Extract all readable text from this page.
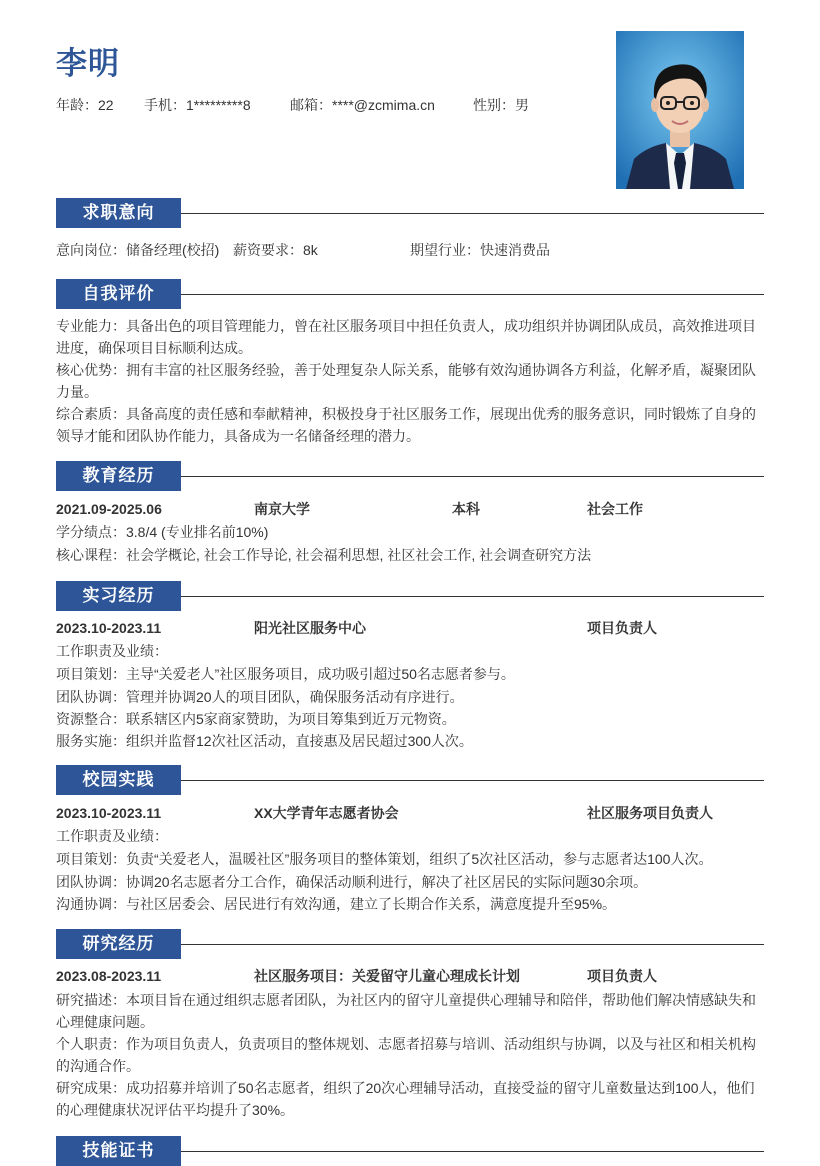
李明
年龄：22 手机：1*********8	邮箱：****@zcmima.cn	性别：男
求职意向
意向岗位：储备经理(校招) 薪资要求：8k	期望行业：快速消费品
自我评价
专业能力：具备出色的项目管理能力，曾在社区服务项目中担任负责人，成功组织并协调团队成员，高效推进项目进度，确保项目目标顺利达成。
核心优势：拥有丰富的社区服务经验，善于处理复杂人际关系，能够有效沟通协调各方利益，化解矛盾，凝聚团队力量。
综合素质：具备高度的责任感和奉献精神，积极投身于社区服务工作，展现出优秀的服务意识，同时锻炼了自身的领导才能和团队协作能力，具备成为一名储备经理的潜力。
教育经历
2021.09-2025.06	南京大学	本科	社会工作
学分绩点：3.8/4 (专业排名前10%)
核心课程：社会学概论, 社会工作导论, 社会福利思想, 社区社会工作, 社会调查研究方法
实习经历
2023.10-2023.11	阳光社区服务中心	项目负责人
工作职责及业绩：
项目策划：主导“关爱老人”社区服务项目，成功吸引超过50名志愿者参与。
团队协调：管理并协调20人的项目团队，确保服务活动有序进行。
资源整合：联系辖区内5家商家赞助，为项目筹集到近万元物资。
服务实施：组织并监督12次社区活动，直接惠及居民超过300人次。
校园实践
2023.10-2023.11	XX大学青年志愿者协会	社区服务项目负责人
工作职责及业绩：
项目策划：负责“关爱老人，温暖社区”服务项目的整体策划，组织了5次社区活动，参与志愿者达100人次。
团队协调：协调20名志愿者分工合作，确保活动顺利进行，解决了社区居民的实际问题30余项。
沟通协调：与社区居委会、居民进行有效沟通，建立了长期合作关系，满意度提升至95%。
研究经历
2023.08-2023.11	社区服务项目：关爱留守儿童心理成长计划	项目负责人
研究描述：本项目旨在通过组织志愿者团队，为社区内的留守儿童提供心理辅导和陪伴，帮助他们解决情感缺失和心理健康问题。
个人职责：作为项目负责人，负责项目的整体规划、志愿者招募与培训、活动组织与协调，以及与社区和相关机构的沟通合作。
研究成果：成功招募并培训了50名志愿者，组织了20次心理辅导活动，直接受益的留守儿童数量达到100人，他们的心理健康状况评估平均提升了30%。
技能证书
